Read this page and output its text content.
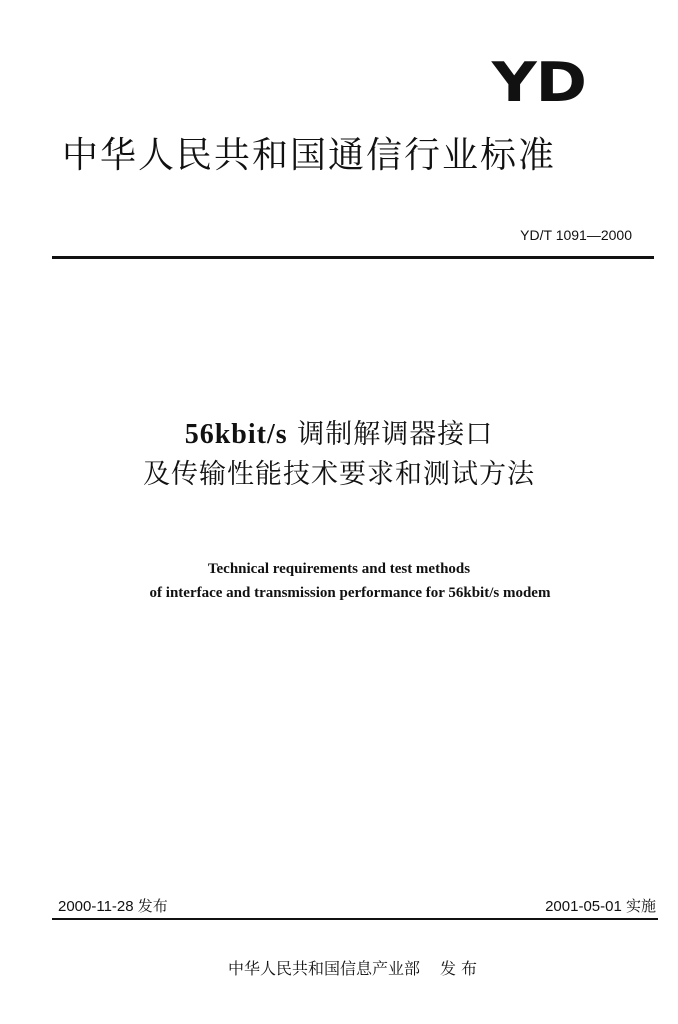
YD
中华人民共和国通信行业标准
YD/T 1091—2000
56kbit/s 调制解调器接口
及传输性能技术要求和测试方法
Technical requirements and test methods
of interface and transmission performance for 56kbit/s modem
2000-11-28 发布	2001-05-01 实施
中华人民共和国信息产业部 发 布
